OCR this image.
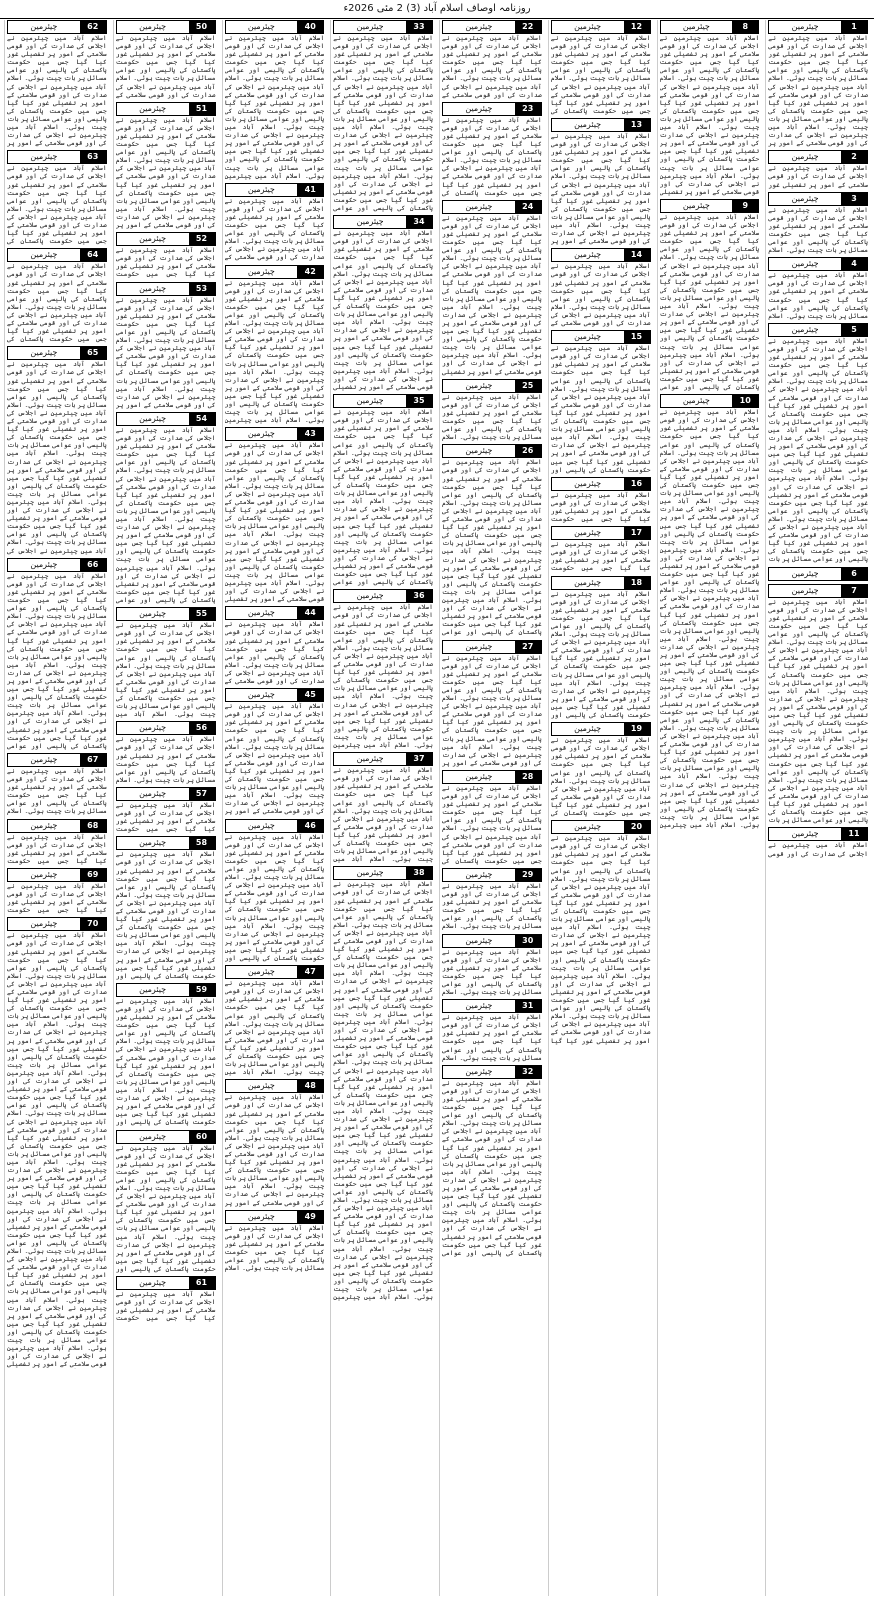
روزنامہ اوصاف اسلام آباد (3) 2 مئی 2026ء
1
چیئرمین
اسلام آباد میں چیئرمین نے اجلاس کی صدارت کی اور قومی سلامتی کے امور پر تفصیلی غور کیا گیا جس میں حکومت پاکستان کی پالیسی اور عوامی مسائل پر بات چیت ہوئی۔ اسلام آباد میں چیئرمین نے اجلاس کی صدارت کی اور قومی سلامتی کے امور پر تفصیلی غور کیا گیا جس میں حکومت پاکستان کی پالیسی اور عوامی مسائل پر بات چیت ہوئی۔ اسلام آباد میں چیئرمین نے اجلاس کی صدارت کی اور قومی سلامتی کے امور پر
2
چیئرمین
اسلام آباد میں چیئرمین نے اجلاس کی صدارت کی اور قومی سلامتی کے امور پر تفصیلی غور
3
چیئرمین
اسلام آباد میں چیئرمین نے اجلاس کی صدارت کی اور قومی سلامتی کے امور پر تفصیلی غور کیا گیا جس میں حکومت پاکستان کی پالیسی اور عوامی مسائل پر بات چیت ہوئی۔ اسلام
4
چیئرمین
اسلام آباد میں چیئرمین نے اجلاس کی صدارت کی اور قومی سلامتی کے امور پر تفصیلی غور کیا گیا جس میں حکومت پاکستان کی پالیسی اور عوامی مسائل پر بات چیت ہوئی۔ اسلام
5
چیئرمین
اسلام آباد میں چیئرمین نے اجلاس کی صدارت کی اور قومی سلامتی کے امور پر تفصیلی غور کیا گیا جس میں حکومت پاکستان کی پالیسی اور عوامی مسائل پر بات چیت ہوئی۔ اسلام آباد میں چیئرمین نے اجلاس کی صدارت کی اور قومی سلامتی کے امور پر تفصیلی غور کیا گیا جس میں حکومت پاکستان کی پالیسی اور عوامی مسائل پر بات چیت ہوئی۔ اسلام آباد میں چیئرمین نے اجلاس کی صدارت کی اور قومی سلامتی کے امور پر تفصیلی غور کیا گیا جس میں حکومت پاکستان کی پالیسی اور عوامی مسائل پر بات چیت ہوئی۔ اسلام آباد میں چیئرمین نے اجلاس کی صدارت کی اور قومی سلامتی کے امور پر تفصیلی غور کیا گیا جس میں حکومت پاکستان کی پالیسی اور عوامی مسائل پر بات چیت ہوئی۔ اسلام آباد میں چیئرمین نے اجلاس کی صدارت کی اور قومی سلامتی کے امور پر تفصیلی غور کیا گیا جس میں حکومت پاکستان کی پالیسی اور عوامی مسائل پر بات
6
چیئرمین
7
چیئرمین
اسلام آباد میں چیئرمین نے اجلاس کی صدارت کی اور قومی سلامتی کے امور پر تفصیلی غور کیا گیا جس میں حکومت پاکستان کی پالیسی اور عوامی مسائل پر بات چیت ہوئی۔ اسلام آباد میں چیئرمین نے اجلاس کی صدارت کی اور قومی سلامتی کے امور پر تفصیلی غور کیا گیا جس میں حکومت پاکستان کی پالیسی اور عوامی مسائل پر بات چیت ہوئی۔ اسلام آباد میں چیئرمین نے اجلاس کی صدارت کی اور قومی سلامتی کے امور پر تفصیلی غور کیا گیا جس میں حکومت پاکستان کی پالیسی اور عوامی مسائل پر بات چیت ہوئی۔ اسلام آباد میں چیئرمین نے اجلاس کی صدارت کی اور قومی سلامتی کے امور پر تفصیلی غور کیا گیا جس میں حکومت پاکستان کی پالیسی اور عوامی مسائل پر بات چیت ہوئی۔ اسلام آباد میں چیئرمین نے اجلاس کی صدارت کی اور قومی سلامتی کے امور پر تفصیلی غور کیا گیا جس میں حکومت پاکستان کی پالیسی اور عوامی مسائل پر بات
11
چیئرمین
اسلام آباد میں چیئرمین نے اجلاس کی صدارت کی اور قومی
8
چیئرمین
اسلام آباد میں چیئرمین نے اجلاس کی صدارت کی اور قومی سلامتی کے امور پر تفصیلی غور کیا گیا جس میں حکومت پاکستان کی پالیسی اور عوامی مسائل پر بات چیت ہوئی۔ اسلام آباد میں چیئرمین نے اجلاس کی صدارت کی اور قومی سلامتی کے امور پر تفصیلی غور کیا گیا جس میں حکومت پاکستان کی پالیسی اور عوامی مسائل پر بات چیت ہوئی۔ اسلام آباد میں چیئرمین نے اجلاس کی صدارت کی اور قومی سلامتی کے امور پر تفصیلی غور کیا گیا جس میں حکومت پاکستان کی پالیسی اور عوامی مسائل پر بات چیت ہوئی۔ اسلام آباد میں چیئرمین نے اجلاس کی صدارت کی اور قومی سلامتی کے امور پر تفصیلی
9
چیئرمین
اسلام آباد میں چیئرمین نے اجلاس کی صدارت کی اور قومی سلامتی کے امور پر تفصیلی غور کیا گیا جس میں حکومت پاکستان کی پالیسی اور عوامی مسائل پر بات چیت ہوئی۔ اسلام آباد میں چیئرمین نے اجلاس کی صدارت کی اور قومی سلامتی کے امور پر تفصیلی غور کیا گیا جس میں حکومت پاکستان کی پالیسی اور عوامی مسائل پر بات چیت ہوئی۔ اسلام آباد میں چیئرمین نے اجلاس کی صدارت کی اور قومی سلامتی کے امور پر تفصیلی غور کیا گیا جس میں حکومت پاکستان کی پالیسی اور عوامی مسائل پر بات چیت ہوئی۔ اسلام آباد میں چیئرمین نے اجلاس کی صدارت کی اور قومی سلامتی کے امور پر تفصیلی غور کیا گیا جس میں حکومت پاکستان کی پالیسی اور عوامی
10
چیئرمین
اسلام آباد میں چیئرمین نے اجلاس کی صدارت کی اور قومی سلامتی کے امور پر تفصیلی غور کیا گیا جس میں حکومت پاکستان کی پالیسی اور عوامی مسائل پر بات چیت ہوئی۔ اسلام آباد میں چیئرمین نے اجلاس کی صدارت کی اور قومی سلامتی کے امور پر تفصیلی غور کیا گیا جس میں حکومت پاکستان کی پالیسی اور عوامی مسائل پر بات چیت ہوئی۔ اسلام آباد میں چیئرمین نے اجلاس کی صدارت کی اور قومی سلامتی کے امور پر تفصیلی غور کیا گیا جس میں حکومت پاکستان کی پالیسی اور عوامی مسائل پر بات چیت ہوئی۔ اسلام آباد میں چیئرمین نے اجلاس کی صدارت کی اور قومی سلامتی کے امور پر تفصیلی غور کیا گیا جس میں حکومت پاکستان کی پالیسی اور عوامی مسائل پر بات چیت ہوئی۔ اسلام آباد میں چیئرمین نے اجلاس کی صدارت کی اور قومی سلامتی کے امور پر تفصیلی غور کیا گیا جس میں حکومت پاکستان کی پالیسی اور عوامی مسائل پر بات چیت ہوئی۔ اسلام آباد میں چیئرمین نے اجلاس کی صدارت کی اور قومی سلامتی کے امور پر تفصیلی غور کیا گیا جس میں حکومت پاکستان کی پالیسی اور عوامی مسائل پر بات چیت ہوئی۔ اسلام آباد میں چیئرمین نے اجلاس کی صدارت کی اور قومی سلامتی کے امور پر تفصیلی غور کیا گیا جس میں حکومت پاکستان کی پالیسی اور عوامی مسائل پر بات چیت ہوئی۔ اسلام آباد میں چیئرمین نے اجلاس کی صدارت کی اور قومی سلامتی کے امور پر تفصیلی غور کیا گیا جس میں حکومت پاکستان کی پالیسی اور عوامی مسائل پر بات چیت ہوئی۔ اسلام آباد میں چیئرمین نے اجلاس کی صدارت کی اور قومی سلامتی کے امور پر تفصیلی غور کیا گیا جس میں حکومت پاکستان کی پالیسی اور عوامی مسائل پر بات چیت ہوئی۔ اسلام آباد میں چیئرمین
12
چیئرمین
اسلام آباد میں چیئرمین نے اجلاس کی صدارت کی اور قومی سلامتی کے امور پر تفصیلی غور کیا گیا جس میں حکومت پاکستان کی پالیسی اور عوامی مسائل پر بات چیت ہوئی۔ اسلام آباد میں چیئرمین نے اجلاس کی صدارت کی اور قومی سلامتی کے امور پر تفصیلی غور کیا گیا جس میں حکومت پاکستان کی
13
چیئرمین
اسلام آباد میں چیئرمین نے اجلاس کی صدارت کی اور قومی سلامتی کے امور پر تفصیلی غور کیا گیا جس میں حکومت پاکستان کی پالیسی اور عوامی مسائل پر بات چیت ہوئی۔ اسلام آباد میں چیئرمین نے اجلاس کی صدارت کی اور قومی سلامتی کے امور پر تفصیلی غور کیا گیا جس میں حکومت پاکستان کی پالیسی اور عوامی مسائل پر بات چیت ہوئی۔ اسلام آباد میں چیئرمین نے اجلاس کی صدارت کی اور قومی سلامتی کے امور پر
14
چیئرمین
اسلام آباد میں چیئرمین نے اجلاس کی صدارت کی اور قومی سلامتی کے امور پر تفصیلی غور کیا گیا جس میں حکومت پاکستان کی پالیسی اور عوامی مسائل پر بات چیت ہوئی۔ اسلام آباد میں چیئرمین نے اجلاس کی صدارت کی اور قومی سلامتی کے
15
چیئرمین
اسلام آباد میں چیئرمین نے اجلاس کی صدارت کی اور قومی سلامتی کے امور پر تفصیلی غور کیا گیا جس میں حکومت پاکستان کی پالیسی اور عوامی مسائل پر بات چیت ہوئی۔ اسلام آباد میں چیئرمین نے اجلاس کی صدارت کی اور قومی سلامتی کے امور پر تفصیلی غور کیا گیا جس میں حکومت پاکستان کی پالیسی اور عوامی مسائل پر بات چیت ہوئی۔ اسلام آباد میں چیئرمین نے اجلاس کی صدارت کی اور قومی سلامتی کے امور پر تفصیلی غور کیا گیا جس میں حکومت پاکستان کی پالیسی اور
16
چیئرمین
اسلام آباد میں چیئرمین نے اجلاس کی صدارت کی اور قومی سلامتی کے امور پر تفصیلی غور کیا گیا جس میں حکومت
17
چیئرمین
اسلام آباد میں چیئرمین نے اجلاس کی صدارت کی اور قومی سلامتی کے امور پر تفصیلی غور کیا گیا جس میں حکومت
18
چیئرمین
اسلام آباد میں چیئرمین نے اجلاس کی صدارت کی اور قومی سلامتی کے امور پر تفصیلی غور کیا گیا جس میں حکومت پاکستان کی پالیسی اور عوامی مسائل پر بات چیت ہوئی۔ اسلام آباد میں چیئرمین نے اجلاس کی صدارت کی اور قومی سلامتی کے امور پر تفصیلی غور کیا گیا جس میں حکومت پاکستان کی پالیسی اور عوامی مسائل پر بات چیت ہوئی۔ اسلام آباد میں چیئرمین نے اجلاس کی صدارت کی اور قومی سلامتی کے امور پر تفصیلی غور کیا گیا جس میں حکومت پاکستان کی پالیسی اور
19
چیئرمین
اسلام آباد میں چیئرمین نے اجلاس کی صدارت کی اور قومی سلامتی کے امور پر تفصیلی غور کیا گیا جس میں حکومت پاکستان کی پالیسی اور عوامی مسائل پر بات چیت ہوئی۔ اسلام آباد میں چیئرمین نے اجلاس کی صدارت کی اور قومی سلامتی کے امور پر تفصیلی غور کیا گیا جس میں حکومت پاکستان کی
20
چیئرمین
اسلام آباد میں چیئرمین نے اجلاس کی صدارت کی اور قومی سلامتی کے امور پر تفصیلی غور کیا گیا جس میں حکومت پاکستان کی پالیسی اور عوامی مسائل پر بات چیت ہوئی۔ اسلام آباد میں چیئرمین نے اجلاس کی صدارت کی اور قومی سلامتی کے امور پر تفصیلی غور کیا گیا جس میں حکومت پاکستان کی پالیسی اور عوامی مسائل پر بات چیت ہوئی۔ اسلام آباد میں چیئرمین نے اجلاس کی صدارت کی اور قومی سلامتی کے امور پر تفصیلی غور کیا گیا جس میں حکومت پاکستان کی پالیسی اور عوامی مسائل پر بات چیت ہوئی۔ اسلام آباد میں چیئرمین نے اجلاس کی صدارت کی اور قومی سلامتی کے امور پر تفصیلی غور کیا گیا جس میں حکومت پاکستان کی پالیسی اور عوامی مسائل پر بات چیت ہوئی۔ اسلام آباد میں چیئرمین نے اجلاس کی صدارت کی اور قومی سلامتی کے امور پر تفصیلی غور کیا گیا
22
چیئرمین
اسلام آباد میں چیئرمین نے اجلاس کی صدارت کی اور قومی سلامتی کے امور پر تفصیلی غور کیا گیا جس میں حکومت پاکستان کی پالیسی اور عوامی مسائل پر بات چیت ہوئی۔ اسلام آباد میں چیئرمین نے اجلاس کی صدارت کی اور قومی سلامتی کے
23
چیئرمین
اسلام آباد میں چیئرمین نے اجلاس کی صدارت کی اور قومی سلامتی کے امور پر تفصیلی غور کیا گیا جس میں حکومت پاکستان کی پالیسی اور عوامی مسائل پر بات چیت ہوئی۔ اسلام آباد میں چیئرمین نے اجلاس کی صدارت کی اور قومی سلامتی کے امور پر تفصیلی غور کیا گیا جس میں حکومت پاکستان کی
24
چیئرمین
اسلام آباد میں چیئرمین نے اجلاس کی صدارت کی اور قومی سلامتی کے امور پر تفصیلی غور کیا گیا جس میں حکومت پاکستان کی پالیسی اور عوامی مسائل پر بات چیت ہوئی۔ اسلام آباد میں چیئرمین نے اجلاس کی صدارت کی اور قومی سلامتی کے امور پر تفصیلی غور کیا گیا جس میں حکومت پاکستان کی پالیسی اور عوامی مسائل پر بات چیت ہوئی۔ اسلام آباد میں چیئرمین نے اجلاس کی صدارت کی اور قومی سلامتی کے امور پر تفصیلی غور کیا گیا جس میں حکومت پاکستان کی پالیسی اور عوامی مسائل پر بات چیت ہوئی۔ اسلام آباد میں چیئرمین نے اجلاس کی صدارت کی اور قومی سلامتی کے امور پر تفصیلی
25
چیئرمین
اسلام آباد میں چیئرمین نے اجلاس کی صدارت کی اور قومی سلامتی کے امور پر تفصیلی غور کیا گیا جس میں حکومت پاکستان کی پالیسی اور عوامی مسائل پر بات چیت ہوئی۔ اسلام
26
چیئرمین
اسلام آباد میں چیئرمین نے اجلاس کی صدارت کی اور قومی سلامتی کے امور پر تفصیلی غور کیا گیا جس میں حکومت پاکستان کی پالیسی اور عوامی مسائل پر بات چیت ہوئی۔ اسلام آباد میں چیئرمین نے اجلاس کی صدارت کی اور قومی سلامتی کے امور پر تفصیلی غور کیا گیا جس میں حکومت پاکستان کی پالیسی اور عوامی مسائل پر بات چیت ہوئی۔ اسلام آباد میں چیئرمین نے اجلاس کی صدارت کی اور قومی سلامتی کے امور پر تفصیلی غور کیا گیا جس میں حکومت پاکستان کی پالیسی اور عوامی مسائل پر بات چیت ہوئی۔ اسلام آباد میں چیئرمین نے اجلاس کی صدارت کی اور قومی سلامتی کے امور پر تفصیلی غور کیا گیا جس میں حکومت پاکستان کی پالیسی اور عوامی
27
چیئرمین
اسلام آباد میں چیئرمین نے اجلاس کی صدارت کی اور قومی سلامتی کے امور پر تفصیلی غور کیا گیا جس میں حکومت پاکستان کی پالیسی اور عوامی مسائل پر بات چیت ہوئی۔ اسلام آباد میں چیئرمین نے اجلاس کی صدارت کی اور قومی سلامتی کے امور پر تفصیلی غور کیا گیا جس میں حکومت پاکستان کی پالیسی اور عوامی مسائل پر بات چیت ہوئی۔ اسلام آباد میں چیئرمین نے اجلاس کی صدارت کی اور قومی سلامتی کے امور پر
28
چیئرمین
اسلام آباد میں چیئرمین نے اجلاس کی صدارت کی اور قومی سلامتی کے امور پر تفصیلی غور کیا گیا جس میں حکومت پاکستان کی پالیسی اور عوامی مسائل پر بات چیت ہوئی۔ اسلام آباد میں چیئرمین نے اجلاس کی صدارت کی اور قومی سلامتی کے امور پر تفصیلی غور کیا گیا جس میں حکومت پاکستان کی
29
چیئرمین
اسلام آباد میں چیئرمین نے اجلاس کی صدارت کی اور قومی سلامتی کے امور پر تفصیلی غور کیا گیا جس میں حکومت پاکستان کی پالیسی اور عوامی مسائل پر بات چیت ہوئی۔ اسلام
30
چیئرمین
اسلام آباد میں چیئرمین نے اجلاس کی صدارت کی اور قومی سلامتی کے امور پر تفصیلی غور کیا گیا جس میں حکومت پاکستان کی پالیسی اور عوامی مسائل پر بات چیت ہوئی۔ اسلام
31
چیئرمین
اسلام آباد میں چیئرمین نے اجلاس کی صدارت کی اور قومی سلامتی کے امور پر تفصیلی غور کیا گیا جس میں حکومت پاکستان کی پالیسی اور عوامی مسائل پر بات چیت ہوئی۔ اسلام
32
چیئرمین
اسلام آباد میں چیئرمین نے اجلاس کی صدارت کی اور قومی سلامتی کے امور پر تفصیلی غور کیا گیا جس میں حکومت پاکستان کی پالیسی اور عوامی مسائل پر بات چیت ہوئی۔ اسلام آباد میں چیئرمین نے اجلاس کی صدارت کی اور قومی سلامتی کے امور پر تفصیلی غور کیا گیا جس میں حکومت پاکستان کی پالیسی اور عوامی مسائل پر بات چیت ہوئی۔ اسلام آباد میں چیئرمین نے اجلاس کی صدارت کی اور قومی سلامتی کے امور پر تفصیلی غور کیا گیا جس میں حکومت پاکستان کی پالیسی اور عوامی مسائل پر بات چیت ہوئی۔ اسلام آباد میں چیئرمین نے اجلاس کی صدارت کی اور قومی سلامتی کے امور پر تفصیلی غور کیا گیا جس میں حکومت پاکستان کی پالیسی اور عوامی
33
چیئرمین
اسلام آباد میں چیئرمین نے اجلاس کی صدارت کی اور قومی سلامتی کے امور پر تفصیلی غور کیا گیا جس میں حکومت پاکستان کی پالیسی اور عوامی مسائل پر بات چیت ہوئی۔ اسلام آباد میں چیئرمین نے اجلاس کی صدارت کی اور قومی سلامتی کے امور پر تفصیلی غور کیا گیا جس میں حکومت پاکستان کی پالیسی اور عوامی مسائل پر بات چیت ہوئی۔ اسلام آباد میں چیئرمین نے اجلاس کی صدارت کی اور قومی سلامتی کے امور پر تفصیلی غور کیا گیا جس میں حکومت پاکستان کی پالیسی اور عوامی مسائل پر بات چیت ہوئی۔ اسلام آباد میں چیئرمین نے اجلاس کی صدارت کی اور قومی سلامتی کے امور پر تفصیلی غور کیا گیا جس میں حکومت پاکستان کی پالیسی اور عوامی
34
چیئرمین
اسلام آباد میں چیئرمین نے اجلاس کی صدارت کی اور قومی سلامتی کے امور پر تفصیلی غور کیا گیا جس میں حکومت پاکستان کی پالیسی اور عوامی مسائل پر بات چیت ہوئی۔ اسلام آباد میں چیئرمین نے اجلاس کی صدارت کی اور قومی سلامتی کے امور پر تفصیلی غور کیا گیا جس میں حکومت پاکستان کی پالیسی اور عوامی مسائل پر بات چیت ہوئی۔ اسلام آباد میں چیئرمین نے اجلاس کی صدارت کی اور قومی سلامتی کے امور پر تفصیلی غور کیا گیا جس میں حکومت پاکستان کی پالیسی اور عوامی مسائل پر بات چیت ہوئی۔ اسلام آباد میں چیئرمین نے اجلاس کی صدارت کی اور قومی سلامتی کے امور پر تفصیلی
35
چیئرمین
اسلام آباد میں چیئرمین نے اجلاس کی صدارت کی اور قومی سلامتی کے امور پر تفصیلی غور کیا گیا جس میں حکومت پاکستان کی پالیسی اور عوامی مسائل پر بات چیت ہوئی۔ اسلام آباد میں چیئرمین نے اجلاس کی صدارت کی اور قومی سلامتی کے امور پر تفصیلی غور کیا گیا جس میں حکومت پاکستان کی پالیسی اور عوامی مسائل پر بات چیت ہوئی۔ اسلام آباد میں چیئرمین نے اجلاس کی صدارت کی اور قومی سلامتی کے امور پر تفصیلی غور کیا گیا جس میں حکومت پاکستان کی پالیسی اور عوامی مسائل پر بات چیت ہوئی۔ اسلام آباد میں چیئرمین نے اجلاس کی صدارت کی اور قومی سلامتی کے امور پر تفصیلی غور کیا گیا جس میں حکومت پاکستان کی پالیسی اور عوامی
36
چیئرمین
اسلام آباد میں چیئرمین نے اجلاس کی صدارت کی اور قومی سلامتی کے امور پر تفصیلی غور کیا گیا جس میں حکومت پاکستان کی پالیسی اور عوامی مسائل پر بات چیت ہوئی۔ اسلام آباد میں چیئرمین نے اجلاس کی صدارت کی اور قومی سلامتی کے امور پر تفصیلی غور کیا گیا جس میں حکومت پاکستان کی پالیسی اور عوامی مسائل پر بات چیت ہوئی۔ اسلام آباد میں چیئرمین نے اجلاس کی صدارت کی اور قومی سلامتی کے امور پر تفصیلی غور کیا گیا جس میں حکومت پاکستان کی پالیسی اور عوامی مسائل پر بات چیت ہوئی۔ اسلام آباد میں چیئرمین
37
چیئرمین
اسلام آباد میں چیئرمین نے اجلاس کی صدارت کی اور قومی سلامتی کے امور پر تفصیلی غور کیا گیا جس میں حکومت پاکستان کی پالیسی اور عوامی مسائل پر بات چیت ہوئی۔ اسلام آباد میں چیئرمین نے اجلاس کی صدارت کی اور قومی سلامتی کے امور پر تفصیلی غور کیا گیا جس میں حکومت پاکستان کی پالیسی اور عوامی مسائل پر بات چیت ہوئی۔ اسلام آباد میں
38
چیئرمین
اسلام آباد میں چیئرمین نے اجلاس کی صدارت کی اور قومی سلامتی کے امور پر تفصیلی غور کیا گیا جس میں حکومت پاکستان کی پالیسی اور عوامی مسائل پر بات چیت ہوئی۔ اسلام آباد میں چیئرمین نے اجلاس کی صدارت کی اور قومی سلامتی کے امور پر تفصیلی غور کیا گیا جس میں حکومت پاکستان کی پالیسی اور عوامی مسائل پر بات چیت ہوئی۔ اسلام آباد میں چیئرمین نے اجلاس کی صدارت کی اور قومی سلامتی کے امور پر تفصیلی غور کیا گیا جس میں حکومت پاکستان کی پالیسی اور عوامی مسائل پر بات چیت ہوئی۔ اسلام آباد میں چیئرمین نے اجلاس کی صدارت کی اور قومی سلامتی کے امور پر تفصیلی غور کیا گیا جس میں حکومت پاکستان کی پالیسی اور عوامی مسائل پر بات چیت ہوئی۔ اسلام آباد میں چیئرمین نے اجلاس کی صدارت کی اور قومی سلامتی کے امور پر تفصیلی غور کیا گیا جس میں حکومت پاکستان کی پالیسی اور عوامی مسائل پر بات چیت ہوئی۔ اسلام آباد میں چیئرمین نے اجلاس کی صدارت کی اور قومی سلامتی کے امور پر تفصیلی غور کیا گیا جس میں حکومت پاکستان کی پالیسی اور عوامی مسائل پر بات چیت ہوئی۔ اسلام آباد میں چیئرمین نے اجلاس کی صدارت کی اور قومی سلامتی کے امور پر تفصیلی غور کیا گیا جس میں حکومت پاکستان کی پالیسی اور عوامی مسائل پر بات چیت ہوئی۔ اسلام آباد میں چیئرمین نے اجلاس کی صدارت کی اور قومی سلامتی کے امور پر تفصیلی غور کیا گیا جس میں حکومت پاکستان کی پالیسی اور عوامی مسائل پر بات چیت ہوئی۔ اسلام آباد میں چیئرمین نے اجلاس کی صدارت کی اور قومی سلامتی کے امور پر تفصیلی غور کیا گیا جس میں حکومت پاکستان کی پالیسی اور عوامی مسائل پر بات چیت ہوئی۔ اسلام آباد میں چیئرمین
40
چیئرمین
اسلام آباد میں چیئرمین نے اجلاس کی صدارت کی اور قومی سلامتی کے امور پر تفصیلی غور کیا گیا جس میں حکومت پاکستان کی پالیسی اور عوامی مسائل پر بات چیت ہوئی۔ اسلام آباد میں چیئرمین نے اجلاس کی صدارت کی اور قومی سلامتی کے امور پر تفصیلی غور کیا گیا جس میں حکومت پاکستان کی پالیسی اور عوامی مسائل پر بات چیت ہوئی۔ اسلام آباد میں چیئرمین نے اجلاس کی صدارت کی اور قومی سلامتی کے امور پر تفصیلی غور کیا گیا جس میں حکومت پاکستان کی پالیسی اور عوامی مسائل پر بات چیت ہوئی۔ اسلام آباد میں چیئرمین
41
چیئرمین
اسلام آباد میں چیئرمین نے اجلاس کی صدارت کی اور قومی سلامتی کے امور پر تفصیلی غور کیا گیا جس میں حکومت پاکستان کی پالیسی اور عوامی مسائل پر بات چیت ہوئی۔ اسلام آباد میں چیئرمین نے اجلاس کی صدارت کی اور قومی سلامتی کے
42
چیئرمین
اسلام آباد میں چیئرمین نے اجلاس کی صدارت کی اور قومی سلامتی کے امور پر تفصیلی غور کیا گیا جس میں حکومت پاکستان کی پالیسی اور عوامی مسائل پر بات چیت ہوئی۔ اسلام آباد میں چیئرمین نے اجلاس کی صدارت کی اور قومی سلامتی کے امور پر تفصیلی غور کیا گیا جس میں حکومت پاکستان کی پالیسی اور عوامی مسائل پر بات چیت ہوئی۔ اسلام آباد میں چیئرمین نے اجلاس کی صدارت کی اور قومی سلامتی کے امور پر تفصیلی غور کیا گیا جس میں حکومت پاکستان کی پالیسی اور عوامی مسائل پر بات چیت ہوئی۔ اسلام آباد میں چیئرمین
43
چیئرمین
اسلام آباد میں چیئرمین نے اجلاس کی صدارت کی اور قومی سلامتی کے امور پر تفصیلی غور کیا گیا جس میں حکومت پاکستان کی پالیسی اور عوامی مسائل پر بات چیت ہوئی۔ اسلام آباد میں چیئرمین نے اجلاس کی صدارت کی اور قومی سلامتی کے امور پر تفصیلی غور کیا گیا جس میں حکومت پاکستان کی پالیسی اور عوامی مسائل پر بات چیت ہوئی۔ اسلام آباد میں چیئرمین نے اجلاس کی صدارت کی اور قومی سلامتی کے امور پر تفصیلی غور کیا گیا جس میں حکومت پاکستان کی پالیسی اور عوامی مسائل پر بات چیت ہوئی۔ اسلام آباد میں چیئرمین نے اجلاس کی صدارت کی اور قومی سلامتی کے امور پر تفصیلی
44
چیئرمین
اسلام آباد میں چیئرمین نے اجلاس کی صدارت کی اور قومی سلامتی کے امور پر تفصیلی غور کیا گیا جس میں حکومت پاکستان کی پالیسی اور عوامی مسائل پر بات چیت ہوئی۔ اسلام آباد میں چیئرمین نے اجلاس کی صدارت کی اور قومی سلامتی کے
45
چیئرمین
اسلام آباد میں چیئرمین نے اجلاس کی صدارت کی اور قومی سلامتی کے امور پر تفصیلی غور کیا گیا جس میں حکومت پاکستان کی پالیسی اور عوامی مسائل پر بات چیت ہوئی۔ اسلام آباد میں چیئرمین نے اجلاس کی صدارت کی اور قومی سلامتی کے امور پر تفصیلی غور کیا گیا جس میں حکومت پاکستان کی پالیسی اور عوامی مسائل پر بات چیت ہوئی۔ اسلام آباد میں چیئرمین نے اجلاس کی صدارت کی اور قومی سلامتی کے امور پر
46
چیئرمین
اسلام آباد میں چیئرمین نے اجلاس کی صدارت کی اور قومی سلامتی کے امور پر تفصیلی غور کیا گیا جس میں حکومت پاکستان کی پالیسی اور عوامی مسائل پر بات چیت ہوئی۔ اسلام آباد میں چیئرمین نے اجلاس کی صدارت کی اور قومی سلامتی کے امور پر تفصیلی غور کیا گیا جس میں حکومت پاکستان کی پالیسی اور عوامی مسائل پر بات چیت ہوئی۔ اسلام آباد میں چیئرمین نے اجلاس کی صدارت کی اور قومی سلامتی کے امور پر تفصیلی غور کیا گیا جس میں حکومت پاکستان کی پالیسی اور
47
چیئرمین
اسلام آباد میں چیئرمین نے اجلاس کی صدارت کی اور قومی سلامتی کے امور پر تفصیلی غور کیا گیا جس میں حکومت پاکستان کی پالیسی اور عوامی مسائل پر بات چیت ہوئی۔ اسلام آباد میں چیئرمین نے اجلاس کی صدارت کی اور قومی سلامتی کے امور پر تفصیلی غور کیا گیا جس میں حکومت پاکستان کی پالیسی اور عوامی مسائل پر بات چیت ہوئی۔ اسلام آباد میں
48
چیئرمین
اسلام آباد میں چیئرمین نے اجلاس کی صدارت کی اور قومی سلامتی کے امور پر تفصیلی غور کیا گیا جس میں حکومت پاکستان کی پالیسی اور عوامی مسائل پر بات چیت ہوئی۔ اسلام آباد میں چیئرمین نے اجلاس کی صدارت کی اور قومی سلامتی کے امور پر تفصیلی غور کیا گیا جس میں حکومت پاکستان کی پالیسی اور عوامی مسائل پر بات چیت ہوئی۔ اسلام آباد میں چیئرمین نے اجلاس کی صدارت کی اور قومی سلامتی کے امور پر
49
چیئرمین
اسلام آباد میں چیئرمین نے اجلاس کی صدارت کی اور قومی سلامتی کے امور پر تفصیلی غور کیا گیا جس میں حکومت پاکستان کی پالیسی اور عوامی مسائل پر بات چیت ہوئی۔ اسلام
50
چیئرمین
اسلام آباد میں چیئرمین نے اجلاس کی صدارت کی اور قومی سلامتی کے امور پر تفصیلی غور کیا گیا جس میں حکومت پاکستان کی پالیسی اور عوامی مسائل پر بات چیت ہوئی۔ اسلام آباد میں چیئرمین نے اجلاس کی صدارت کی اور قومی سلامتی کے
51
چیئرمین
اسلام آباد میں چیئرمین نے اجلاس کی صدارت کی اور قومی سلامتی کے امور پر تفصیلی غور کیا گیا جس میں حکومت پاکستان کی پالیسی اور عوامی مسائل پر بات چیت ہوئی۔ اسلام آباد میں چیئرمین نے اجلاس کی صدارت کی اور قومی سلامتی کے امور پر تفصیلی غور کیا گیا جس میں حکومت پاکستان کی پالیسی اور عوامی مسائل پر بات چیت ہوئی۔ اسلام آباد میں چیئرمین نے اجلاس کی صدارت کی اور قومی سلامتی کے امور پر
52
چیئرمین
اسلام آباد میں چیئرمین نے اجلاس کی صدارت کی اور قومی سلامتی کے امور پر تفصیلی غور کیا گیا جس میں حکومت
53
چیئرمین
اسلام آباد میں چیئرمین نے اجلاس کی صدارت کی اور قومی سلامتی کے امور پر تفصیلی غور کیا گیا جس میں حکومت پاکستان کی پالیسی اور عوامی مسائل پر بات چیت ہوئی۔ اسلام آباد میں چیئرمین نے اجلاس کی صدارت کی اور قومی سلامتی کے امور پر تفصیلی غور کیا گیا جس میں حکومت پاکستان کی پالیسی اور عوامی مسائل پر بات چیت ہوئی۔ اسلام آباد میں چیئرمین نے اجلاس کی صدارت کی اور قومی سلامتی کے امور پر
54
چیئرمین
اسلام آباد میں چیئرمین نے اجلاس کی صدارت کی اور قومی سلامتی کے امور پر تفصیلی غور کیا گیا جس میں حکومت پاکستان کی پالیسی اور عوامی مسائل پر بات چیت ہوئی۔ اسلام آباد میں چیئرمین نے اجلاس کی صدارت کی اور قومی سلامتی کے امور پر تفصیلی غور کیا گیا جس میں حکومت پاکستان کی پالیسی اور عوامی مسائل پر بات چیت ہوئی۔ اسلام آباد میں چیئرمین نے اجلاس کی صدارت کی اور قومی سلامتی کے امور پر تفصیلی غور کیا گیا جس میں حکومت پاکستان کی پالیسی اور عوامی مسائل پر بات چیت ہوئی۔ اسلام آباد میں چیئرمین نے اجلاس کی صدارت کی اور قومی سلامتی کے امور پر تفصیلی غور کیا گیا جس میں حکومت پاکستان کی پالیسی اور عوامی
55
چیئرمین
اسلام آباد میں چیئرمین نے اجلاس کی صدارت کی اور قومی سلامتی کے امور پر تفصیلی غور کیا گیا جس میں حکومت پاکستان کی پالیسی اور عوامی مسائل پر بات چیت ہوئی۔ اسلام آباد میں چیئرمین نے اجلاس کی صدارت کی اور قومی سلامتی کے امور پر تفصیلی غور کیا گیا جس میں حکومت پاکستان کی پالیسی اور عوامی مسائل پر بات چیت ہوئی۔ اسلام آباد میں
56
چیئرمین
اسلام آباد میں چیئرمین نے اجلاس کی صدارت کی اور قومی سلامتی کے امور پر تفصیلی غور کیا گیا جس میں حکومت پاکستان کی پالیسی اور عوامی مسائل پر بات چیت ہوئی۔ اسلام
57
چیئرمین
اسلام آباد میں چیئرمین نے اجلاس کی صدارت کی اور قومی سلامتی کے امور پر تفصیلی غور کیا گیا جس میں حکومت
58
چیئرمین
اسلام آباد میں چیئرمین نے اجلاس کی صدارت کی اور قومی سلامتی کے امور پر تفصیلی غور کیا گیا جس میں حکومت پاکستان کی پالیسی اور عوامی مسائل پر بات چیت ہوئی۔ اسلام آباد میں چیئرمین نے اجلاس کی صدارت کی اور قومی سلامتی کے امور پر تفصیلی غور کیا گیا جس میں حکومت پاکستان کی پالیسی اور عوامی مسائل پر بات چیت ہوئی۔ اسلام آباد میں چیئرمین نے اجلاس کی صدارت کی اور قومی سلامتی کے امور پر تفصیلی غور کیا گیا جس میں حکومت پاکستان کی پالیسی اور
59
چیئرمین
اسلام آباد میں چیئرمین نے اجلاس کی صدارت کی اور قومی سلامتی کے امور پر تفصیلی غور کیا گیا جس میں حکومت پاکستان کی پالیسی اور عوامی مسائل پر بات چیت ہوئی۔ اسلام آباد میں چیئرمین نے اجلاس کی صدارت کی اور قومی سلامتی کے امور پر تفصیلی غور کیا گیا جس میں حکومت پاکستان کی پالیسی اور عوامی مسائل پر بات چیت ہوئی۔ اسلام آباد میں چیئرمین نے اجلاس کی صدارت کی اور قومی سلامتی کے امور پر تفصیلی غور کیا گیا جس میں حکومت پاکستان کی پالیسی اور
60
چیئرمین
اسلام آباد میں چیئرمین نے اجلاس کی صدارت کی اور قومی سلامتی کے امور پر تفصیلی غور کیا گیا جس میں حکومت پاکستان کی پالیسی اور عوامی مسائل پر بات چیت ہوئی۔ اسلام آباد میں چیئرمین نے اجلاس کی صدارت کی اور قومی سلامتی کے امور پر تفصیلی غور کیا گیا جس میں حکومت پاکستان کی پالیسی اور عوامی مسائل پر بات چیت ہوئی۔ اسلام آباد میں چیئرمین نے اجلاس کی صدارت کی اور قومی سلامتی کے امور پر تفصیلی غور کیا گیا جس میں حکومت پاکستان کی پالیسی اور
61
چیئرمین
اسلام آباد میں چیئرمین نے اجلاس کی صدارت کی اور قومی سلامتی کے امور پر تفصیلی غور کیا گیا جس میں حکومت
62
چیئرمین
اسلام آباد میں چیئرمین نے اجلاس کی صدارت کی اور قومی سلامتی کے امور پر تفصیلی غور کیا گیا جس میں حکومت پاکستان کی پالیسی اور عوامی مسائل پر بات چیت ہوئی۔ اسلام آباد میں چیئرمین نے اجلاس کی صدارت کی اور قومی سلامتی کے امور پر تفصیلی غور کیا گیا جس میں حکومت پاکستان کی پالیسی اور عوامی مسائل پر بات چیت ہوئی۔ اسلام آباد میں چیئرمین نے اجلاس کی صدارت کی اور قومی سلامتی کے امور پر
63
چیئرمین
اسلام آباد میں چیئرمین نے اجلاس کی صدارت کی اور قومی سلامتی کے امور پر تفصیلی غور کیا گیا جس میں حکومت پاکستان کی پالیسی اور عوامی مسائل پر بات چیت ہوئی۔ اسلام آباد میں چیئرمین نے اجلاس کی صدارت کی اور قومی سلامتی کے امور پر تفصیلی غور کیا گیا جس میں حکومت پاکستان کی
64
چیئرمین
اسلام آباد میں چیئرمین نے اجلاس کی صدارت کی اور قومی سلامتی کے امور پر تفصیلی غور کیا گیا جس میں حکومت پاکستان کی پالیسی اور عوامی مسائل پر بات چیت ہوئی۔ اسلام آباد میں چیئرمین نے اجلاس کی صدارت کی اور قومی سلامتی کے امور پر تفصیلی غور کیا گیا جس میں حکومت پاکستان کی
65
چیئرمین
اسلام آباد میں چیئرمین نے اجلاس کی صدارت کی اور قومی سلامتی کے امور پر تفصیلی غور کیا گیا جس میں حکومت پاکستان کی پالیسی اور عوامی مسائل پر بات چیت ہوئی۔ اسلام آباد میں چیئرمین نے اجلاس کی صدارت کی اور قومی سلامتی کے امور پر تفصیلی غور کیا گیا جس میں حکومت پاکستان کی پالیسی اور عوامی مسائل پر بات چیت ہوئی۔ اسلام آباد میں چیئرمین نے اجلاس کی صدارت کی اور قومی سلامتی کے امور پر تفصیلی غور کیا گیا جس میں حکومت پاکستان کی پالیسی اور عوامی مسائل پر بات چیت ہوئی۔ اسلام آباد میں چیئرمین نے اجلاس کی صدارت کی اور قومی سلامتی کے امور پر تفصیلی غور کیا گیا جس میں حکومت پاکستان کی پالیسی اور عوامی مسائل پر بات چیت ہوئی۔ اسلام آباد میں چیئرمین نے اجلاس کی
66
چیئرمین
اسلام آباد میں چیئرمین نے اجلاس کی صدارت کی اور قومی سلامتی کے امور پر تفصیلی غور کیا گیا جس میں حکومت پاکستان کی پالیسی اور عوامی مسائل پر بات چیت ہوئی۔ اسلام آباد میں چیئرمین نے اجلاس کی صدارت کی اور قومی سلامتی کے امور پر تفصیلی غور کیا گیا جس میں حکومت پاکستان کی پالیسی اور عوامی مسائل پر بات چیت ہوئی۔ اسلام آباد میں چیئرمین نے اجلاس کی صدارت کی اور قومی سلامتی کے امور پر تفصیلی غور کیا گیا جس میں حکومت پاکستان کی پالیسی اور عوامی مسائل پر بات چیت ہوئی۔ اسلام آباد میں چیئرمین نے اجلاس کی صدارت کی اور قومی سلامتی کے امور پر تفصیلی غور کیا گیا جس میں حکومت پاکستان کی پالیسی اور عوامی
67
چیئرمین
اسلام آباد میں چیئرمین نے اجلاس کی صدارت کی اور قومی سلامتی کے امور پر تفصیلی غور کیا گیا جس میں حکومت پاکستان کی پالیسی اور عوامی مسائل پر بات چیت ہوئی۔ اسلام
68
چیئرمین
اسلام آباد میں چیئرمین نے اجلاس کی صدارت کی اور قومی سلامتی کے امور پر تفصیلی غور کیا گیا جس میں حکومت
69
چیئرمین
اسلام آباد میں چیئرمین نے اجلاس کی صدارت کی اور قومی سلامتی کے امور پر تفصیلی غور کیا گیا جس میں حکومت
70
چیئرمین
اسلام آباد میں چیئرمین نے اجلاس کی صدارت کی اور قومی سلامتی کے امور پر تفصیلی غور کیا گیا جس میں حکومت پاکستان کی پالیسی اور عوامی مسائل پر بات چیت ہوئی۔ اسلام آباد میں چیئرمین نے اجلاس کی صدارت کی اور قومی سلامتی کے امور پر تفصیلی غور کیا گیا جس میں حکومت پاکستان کی پالیسی اور عوامی مسائل پر بات چیت ہوئی۔ اسلام آباد میں چیئرمین نے اجلاس کی صدارت کی اور قومی سلامتی کے امور پر تفصیلی غور کیا گیا جس میں حکومت پاکستان کی پالیسی اور عوامی مسائل پر بات چیت ہوئی۔ اسلام آباد میں چیئرمین نے اجلاس کی صدارت کی اور قومی سلامتی کے امور پر تفصیلی غور کیا گیا جس میں حکومت پاکستان کی پالیسی اور عوامی مسائل پر بات چیت ہوئی۔ اسلام آباد میں چیئرمین نے اجلاس کی صدارت کی اور قومی سلامتی کے امور پر تفصیلی غور کیا گیا جس میں حکومت پاکستان کی پالیسی اور عوامی مسائل پر بات چیت ہوئی۔ اسلام آباد میں چیئرمین نے اجلاس کی صدارت کی اور قومی سلامتی کے امور پر تفصیلی غور کیا گیا جس میں حکومت پاکستان کی پالیسی اور عوامی مسائل پر بات چیت ہوئی۔ اسلام آباد میں چیئرمین نے اجلاس کی صدارت کی اور قومی سلامتی کے امور پر تفصیلی غور کیا گیا جس میں حکومت پاکستان کی پالیسی اور عوامی مسائل پر بات چیت ہوئی۔ اسلام آباد میں چیئرمین نے اجلاس کی صدارت کی اور قومی سلامتی کے امور پر تفصیلی غور کیا گیا جس میں حکومت پاکستان کی پالیسی اور عوامی مسائل پر بات چیت ہوئی۔ اسلام آباد میں چیئرمین نے اجلاس کی صدارت کی اور قومی سلامتی کے امور پر تفصیلی غور کیا گیا جس میں حکومت پاکستان کی پالیسی اور عوامی مسائل پر بات چیت ہوئی۔ اسلام آباد میں چیئرمین نے اجلاس کی صدارت کی اور قومی سلامتی کے امور پر تفصیلی
